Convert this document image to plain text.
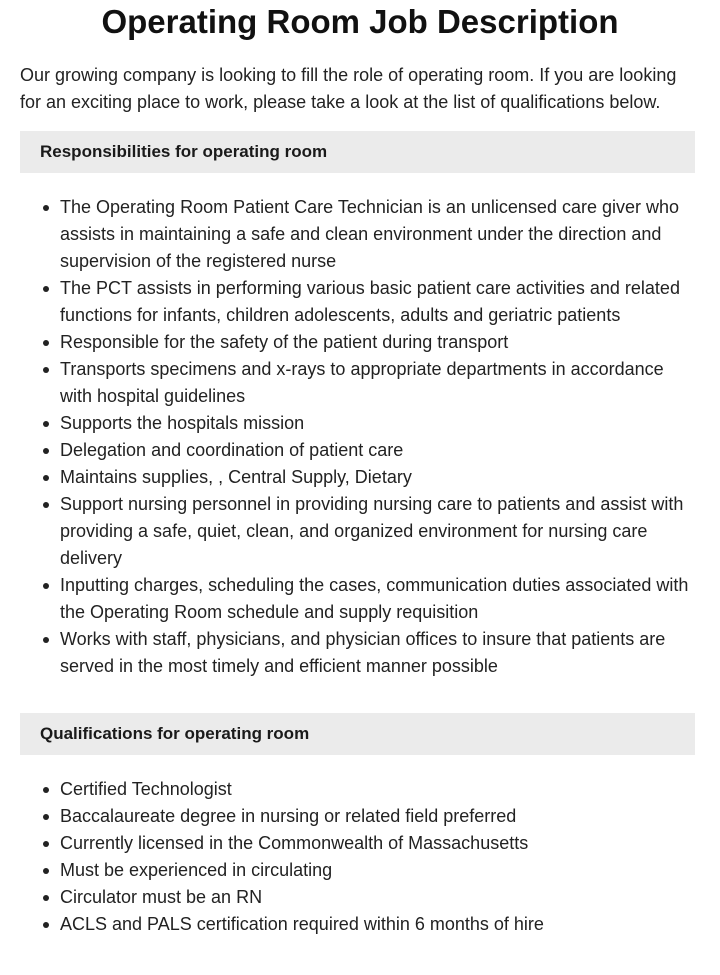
Operating Room Job Description

Our growing company is looking to fill the role of operating room. If you are looking for an exciting place to work, please take a look at the list of qualifications below.

Responsibilities for operating room
The Operating Room Patient Care Technician is an unlicensed care giver who assists in maintaining a safe and clean environment under the direction and supervision of the registered nurse
The PCT assists in performing various basic patient care activities and related functions for infants, children adolescents, adults and geriatric patients
Responsible for the safety of the patient during transport
Transports specimens and x-rays to appropriate departments in accordance with hospital guidelines
Supports the hospitals mission
Delegation and coordination of patient care
Maintains supplies, , Central Supply, Dietary
Support nursing personnel in providing nursing care to patients and assist with providing a safe, quiet, clean, and organized environment for nursing care delivery
Inputting charges, scheduling the cases, communication duties associated with the Operating Room schedule and supply requisition
Works with staff, physicians, and physician offices to insure that patients are served in the most timely and efficient manner possible
Qualifications for operating room
Certified Technologist
Baccalaureate degree in nursing or related field preferred
Currently licensed in the Commonwealth of Massachusetts
Must be experienced in circulating
Circulator must be an RN
ACLS and PALS certification required within 6 months of hire
